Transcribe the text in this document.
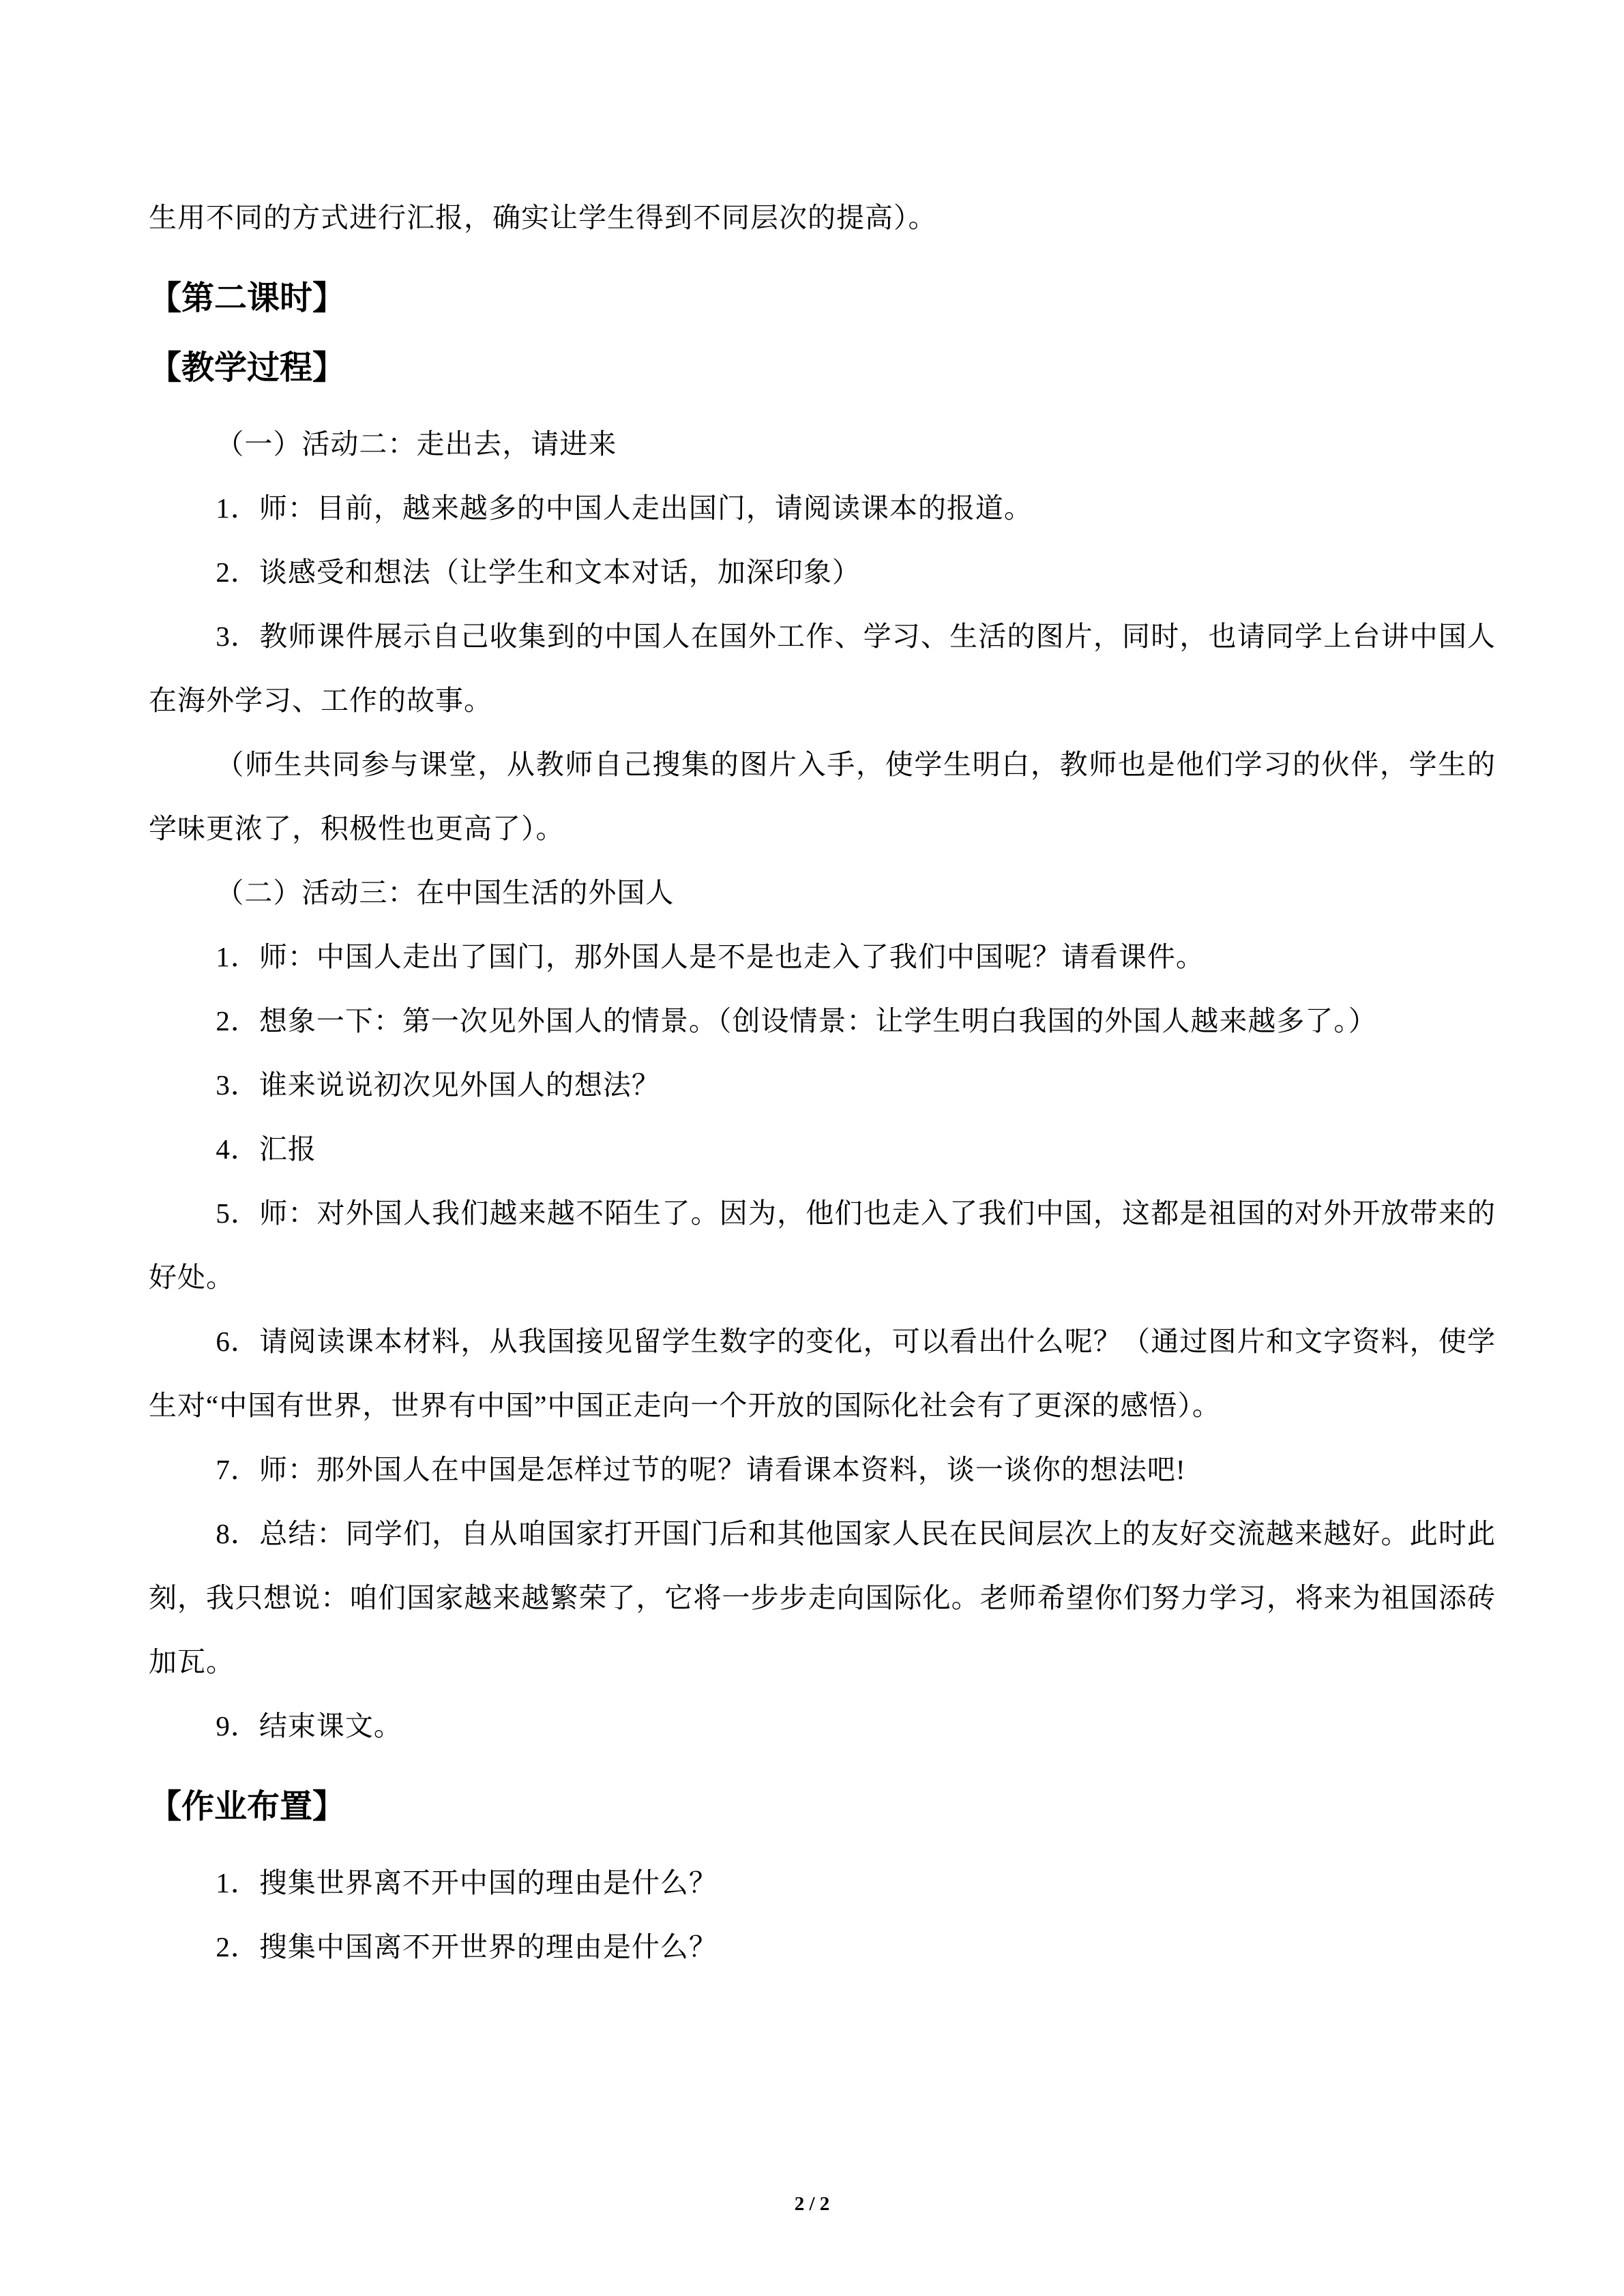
生用不同的方式进行汇报，确实让学生得到不同层次的提高）。

【第二课时】
【教学过程】

（一）活动二：走出去，请进来

1．师：目前，越来越多的中国人走出国门，请阅读课本的报道。

2．谈感受和想法（让学生和文本对话，加深印象）

3．教师课件展示自己收集到的中国人在国外工作、学习、生活的图片，同时，也请同学上台讲中国人在海外学习、工作的故事。

（师生共同参与课堂，从教师自己搜集的图片入手，使学生明白，教师也是他们学习的伙伴，学生的学味更浓了，积极性也更高了）。

（二）活动三：在中国生活的外国人

1．师：中国人走出了国门，那外国人是不是也走入了我们中国呢？请看课件。

2．想象一下：第一次见外国人的情景。（创设情景：让学生明白我国的外国人越来越多了。）

3．谁来说说初次见外国人的想法？

4．汇报

5．师：对外国人我们越来越不陌生了。因为，他们也走入了我们中国，这都是祖国的对外开放带来的好处。

6．请阅读课本材料，从我国接见留学生数字的变化，可以看出什么呢？（通过图片和文字资料，使学生对“中国有世界，世界有中国”中国正走向一个开放的国际化社会有了更深的感悟）。

7．师：那外国人在中国是怎样过节的呢？请看课本资料，谈一谈你的想法吧!

8．总结：同学们，自从咱国家打开国门后和其他国家人民在民间层次上的友好交流越来越好。此时此刻，我只想说：咱们国家越来越繁荣了，它将一步步走向国际化。老师希望你们努力学习，将来为祖国添砖加瓦。

9．结束课文。

【作业布置】

1．搜集世界离不开中国的理由是什么？

2．搜集中国离不开世界的理由是什么？

2 / 2
